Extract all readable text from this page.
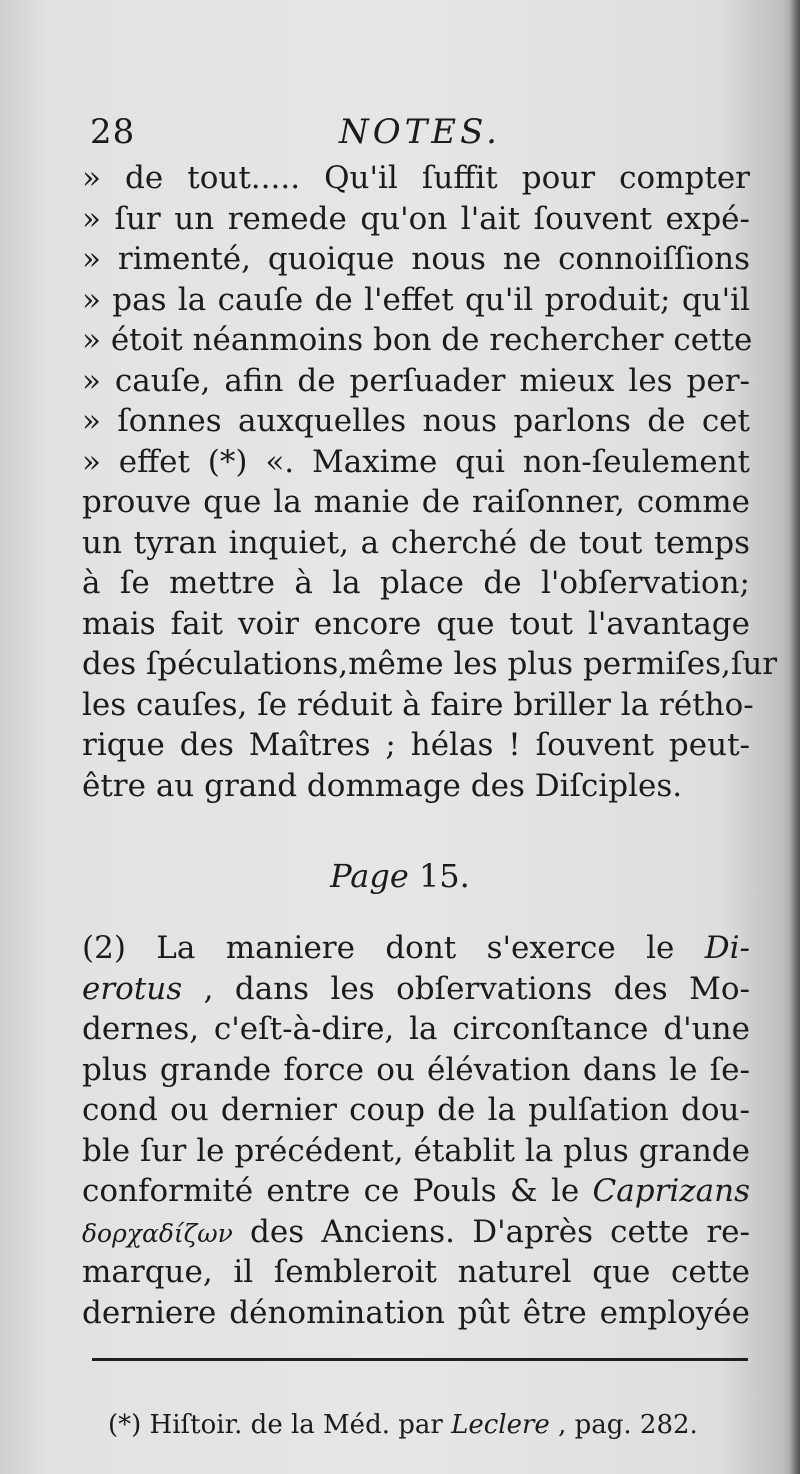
28	NOTES.
» de tout..... Qu'il ſuffit pour compter
» ſur un remede qu'on l'ait ſouvent expé-
» rimenté, quoique nous ne connoiſſions
» pas la cauſe de l'effet qu'il produit; qu'il
» étoit néanmoins bon de rechercher cette
» cauſe, afin de perſuader mieux les per-
» ſonnes auxquelles nous parlons de cet
» effet (*) «. Maxime qui non-ſeulement
prouve que la manie de raiſonner, comme
un tyran inquiet, a cherché de tout temps
à ſe mettre à la place de l'obſervation;
mais fait voir encore que tout l'avantage
des ſpéculations,même les plus permiſes,ſur
les cauſes, ſe réduit à faire briller la rétho-
rique des Maîtres ; hélas ! ſouvent peut-
être au grand dommage des Diſciples.
Page 15.
(2) La maniere dont s'exerce le Di-
erotus , dans les obſervations des Mo-
dernes, c'eſt-à-dire, la circonſtance d'une
plus grande force ou élévation dans le ſe-
cond ou dernier coup de la pulſation dou-
ble ſur le précédent, établit la plus grande
conformité entre ce Pouls & le Caprizans
δορχαδίζων des Anciens. D'après cette re-
marque, il ſembleroit naturel que cette
derniere dénomination pût être employée
(*) Hiſtoir. de la Méd. par Leclere , pag. 282.
